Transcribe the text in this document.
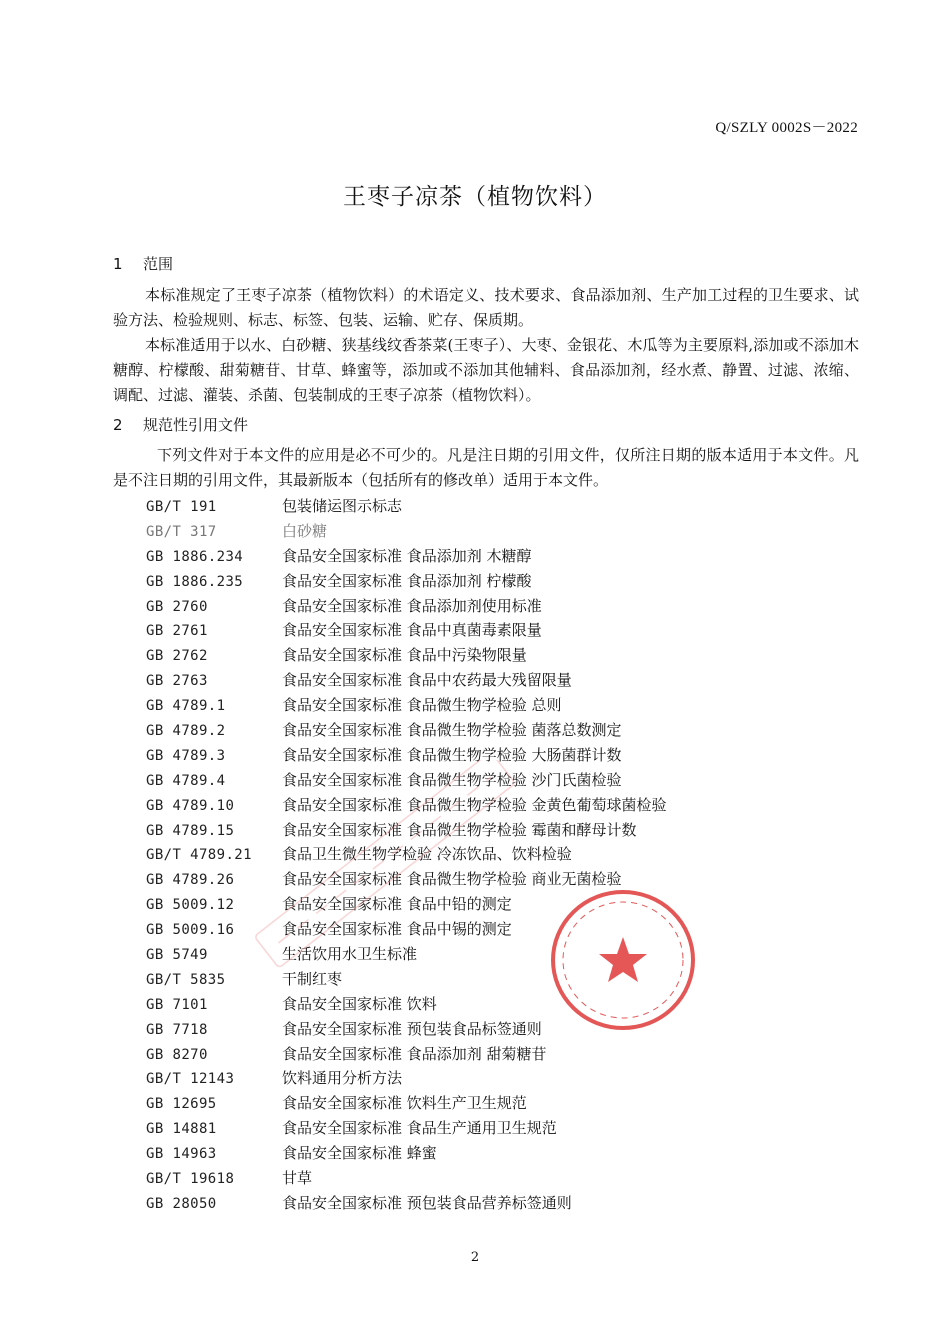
Q/SZLY 0002S－2022
王枣子凉茶（植物饮料）
1 范围

本标准规定了王枣子凉茶（植物饮料）的术语定义、技术要求、食品添加剂、生产加工过程的卫生要求、试验方法、检验规则、标志、标签、包装、运输、贮存、保质期。

本标准适用于以水、白砂糖、狭基线纹香茶菜(王枣子）、大枣、金银花、木瓜等为主要原料,添加或不添加木糖醇、柠檬酸、甜菊糖苷、甘草、蜂蜜等，添加或不添加其他辅料、食品添加剂，经水煮、静置、过滤、浓缩、调配、过滤、灌装、杀菌、包装制成的王枣子凉茶（植物饮料）。

2 规范性引用文件

下列文件对于本文件的应用是必不可少的。凡是注日期的引用文件，仅所注日期的版本适用于本文件。凡是不注日期的引用文件，其最新版本（包括所有的修改单）适用于本文件。

GB/T 191	包装储运图示标志
GB/T 317	白砂糖
GB 1886.234	食品安全国家标准 食品添加剂 木糖醇
GB 1886.235	食品安全国家标准 食品添加剂 柠檬酸
GB 2760	食品安全国家标准 食品添加剂使用标准
GB 2761	食品安全国家标准 食品中真菌毒素限量
GB 2762	食品安全国家标准 食品中污染物限量
GB 2763	食品安全国家标准 食品中农药最大残留限量
GB 4789.1	食品安全国家标准 食品微生物学检验 总则
GB 4789.2	食品安全国家标准 食品微生物学检验 菌落总数测定
GB 4789.3	食品安全国家标准 食品微生物学检验 大肠菌群计数
GB 4789.4	食品安全国家标准 食品微生物学检验 沙门氏菌检验
GB 4789.10	食品安全国家标准 食品微生物学检验 金黄色葡萄球菌检验
GB 4789.15	食品安全国家标准 食品微生物学检验 霉菌和酵母计数
GB/T 4789.21 食品卫生微生物学检验 冷冻饮品、饮料检验
GB 4789.26	食品安全国家标准 食品微生物学检验 商业无菌检验
GB 5009.12	食品安全国家标准 食品中铅的测定
GB 5009.16	食品安全国家标准 食品中锡的测定
GB 5749	生活饮用水卫生标准
GB/T 5835	干制红枣
GB 7101	食品安全国家标准 饮料
GB 7718	食品安全国家标准 预包装食品标签通则
GB 8270	食品安全国家标准 食品添加剂 甜菊糖苷
GB/T 12143	饮料通用分析方法
GB 12695	食品安全国家标准 饮料生产卫生规范
GB 14881	食品安全国家标准 食品生产通用卫生规范
GB 14963	食品安全国家标准 蜂蜜
GB/T 19618	甘草
GB 28050	食品安全国家标准 预包装食品营养标签通则
2
